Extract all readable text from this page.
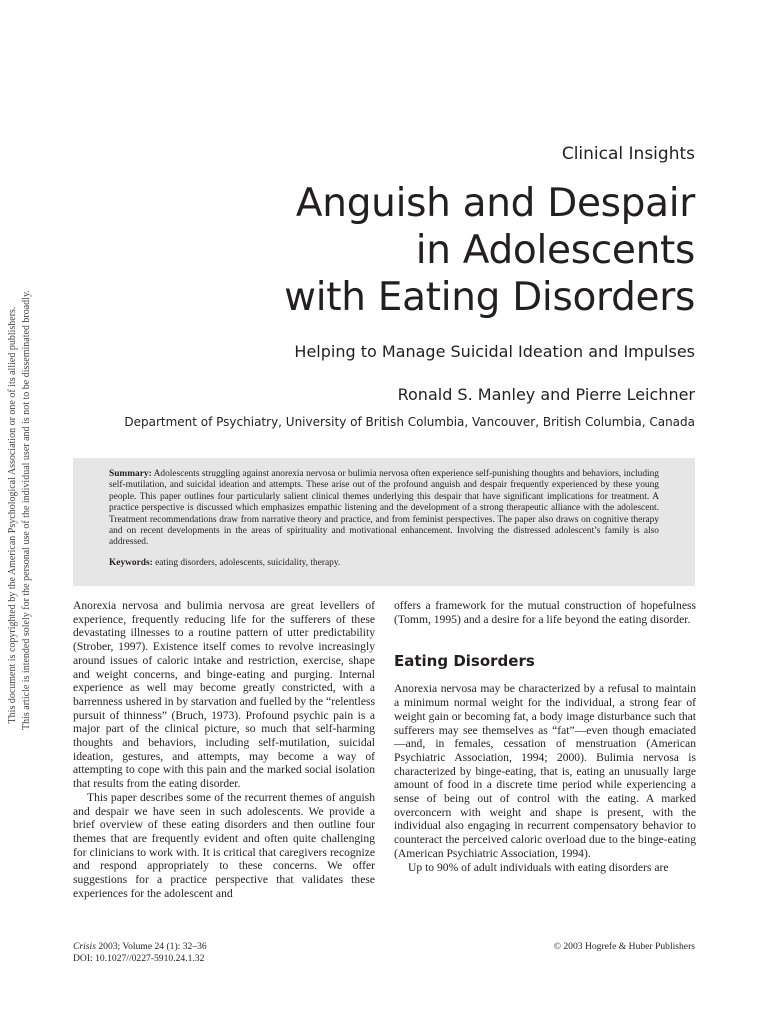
This document is copyrighted by the American Psychological Association or one of its allied publishers. This article is intended solely for the personal use of the individual user and is not to be disseminated broadly.
Clinical Insights
Anguish and Despair
in Adolescents
with Eating Disorders
Helping to Manage Suicidal Ideation and Impulses
Ronald S. Manley and Pierre Leichner
Department of Psychiatry, University of British Columbia, Vancouver, British Columbia, Canada
Summary: Adolescents struggling against anorexia nervosa or bulimia nervosa often experience self-punishing thoughts and behaviors, including self-mutilation, and suicidal ideation and attempts. These arise out of the profound anguish and despair frequently experienced by these young people. This paper outlines four particularly salient clinical themes underlying this despair that have significant implications for treatment. A practice perspective is discussed which emphasizes empathic listening and the development of a strong therapeutic alliance with the adolescent. Treatment recommendations draw from narrative theory and practice, and from feminist perspectives. The paper also draws on cognitive therapy and on recent developments in the areas of spirituality and motivational enhancement. Involving the distressed adolescent’s family is also addressed.
Keywords: eating disorders, adolescents, suicidality, therapy.

Anorexia nervosa and bulimia nervosa are great levellers of experience, frequently reducing life for the sufferers of these devastating illnesses to a routine pattern of utter predictability (Strober, 1997). Existence itself comes to revolve increasingly around issues of caloric intake and restriction, exercise, shape and weight concerns, and binge-eating and purging. Internal experience as well may become greatly constricted, with a barrenness ushered in by starvation and fuelled by the “relentless pursuit of thinness” (Bruch, 1973). Profound psychic pain is a major part of the clinical picture, so much that self-harming thoughts and behaviors, including self-mutilation, suicidal ideation, gestures, and attempts, may become a way of attempting to cope with this pain and the marked social isolation that results from the eating disorder.

This paper describes some of the recurrent themes of anguish and despair we have seen in such adolescents. We provide a brief overview of these eating disorders and then outline four themes that are frequently evident and often quite challenging for clinicians to work with. It is critical that caregivers recognize and respond appropriately to these concerns. We offer suggestions for a practice perspective that validates these experiences for the adolescent and

offers a framework for the mutual construction of hopefulness (Tomm, 1995) and a desire for a life beyond the eating disorder.

Eating Disorders

Anorexia nervosa may be characterized by a refusal to maintain a minimum normal weight for the individual, a strong fear of weight gain or becoming fat, a body image disturbance such that sufferers may see themselves as “fat”—even though emaciated—and, in females, cessation of menstruation (American Psychiatric Association, 1994; 2000). Bulimia nervosa is characterized by binge-eating, that is, eating an unusually large amount of food in a discrete time period while experiencing a sense of being out of control with the eating. A marked overconcern with weight and shape is present, with the individual also engaging in recurrent compensatory behavior to counteract the perceived caloric overload due to the binge-eating (American Psychiatric Association, 1994).

Up to 90% of adult individuals with eating disorders are

Crisis 2003; Volume 24 (1): 32–36
DOI: 10.1027//0227-5910.24.1.32
© 2003 Hogrefe & Huber Publishers
